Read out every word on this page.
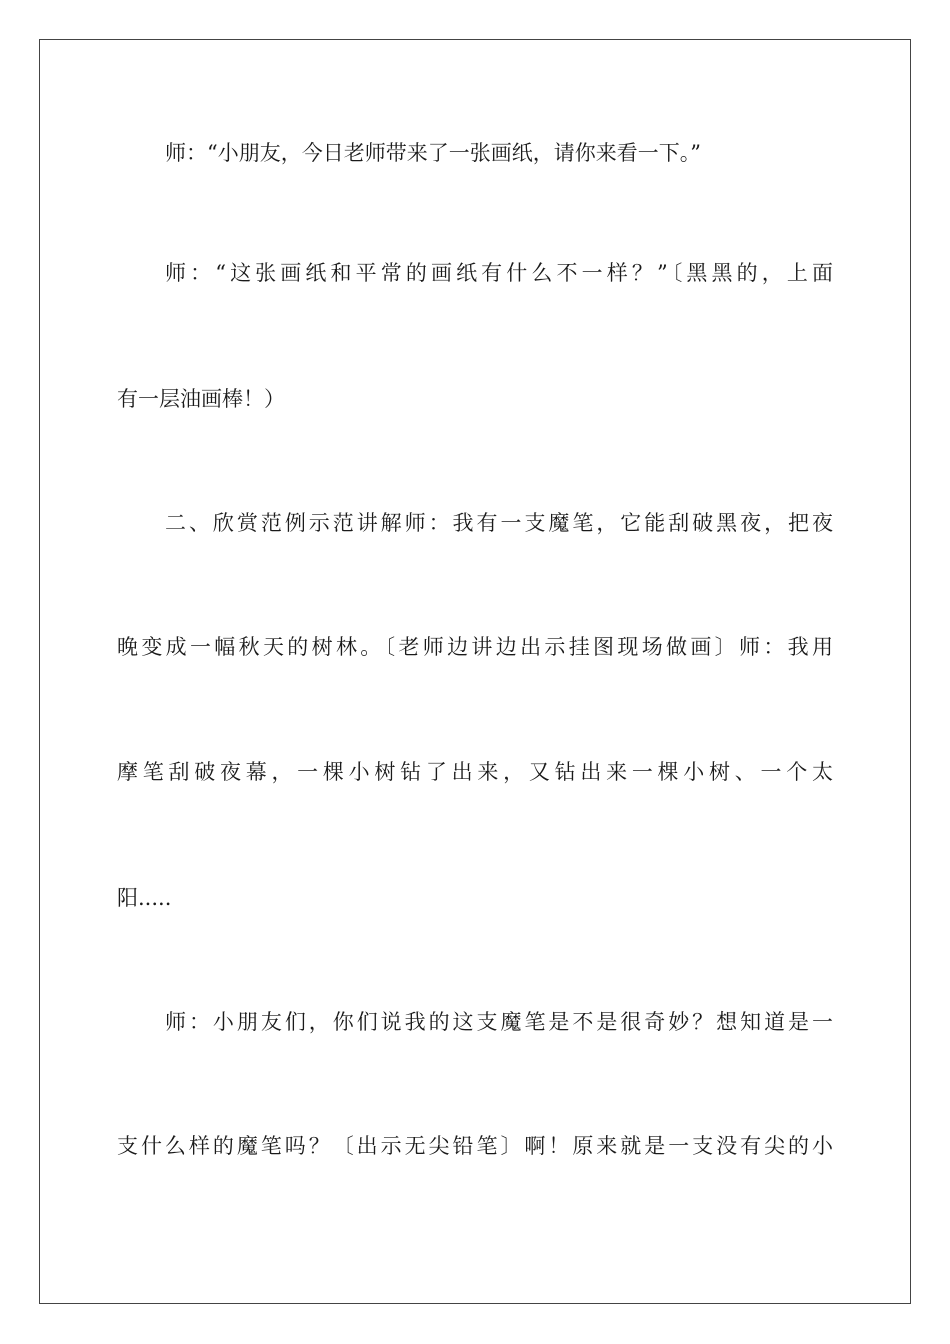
师：“小朋友，今日老师带来了一张画纸，请你来看一下。”
师：“这张画纸和平常的画纸有什么不一样？”〔黑黑的，上面
有一层油画棒！）
二、欣赏范例示范讲解师：我有一支魔笔，它能刮破黑夜，把夜
晚变成一幅秋天的树林。〔老师边讲边出示挂图现场做画〕师：我用
摩笔刮破夜幕，一棵小树钻了出来，又钻出来一棵小树、一个太
阳.....
师：小朋友们，你们说我的这支魔笔是不是很奇妙？想知道是一
支什么样的魔笔吗？〔出示无尖铅笔〕啊！原来就是一支没有尖的小
